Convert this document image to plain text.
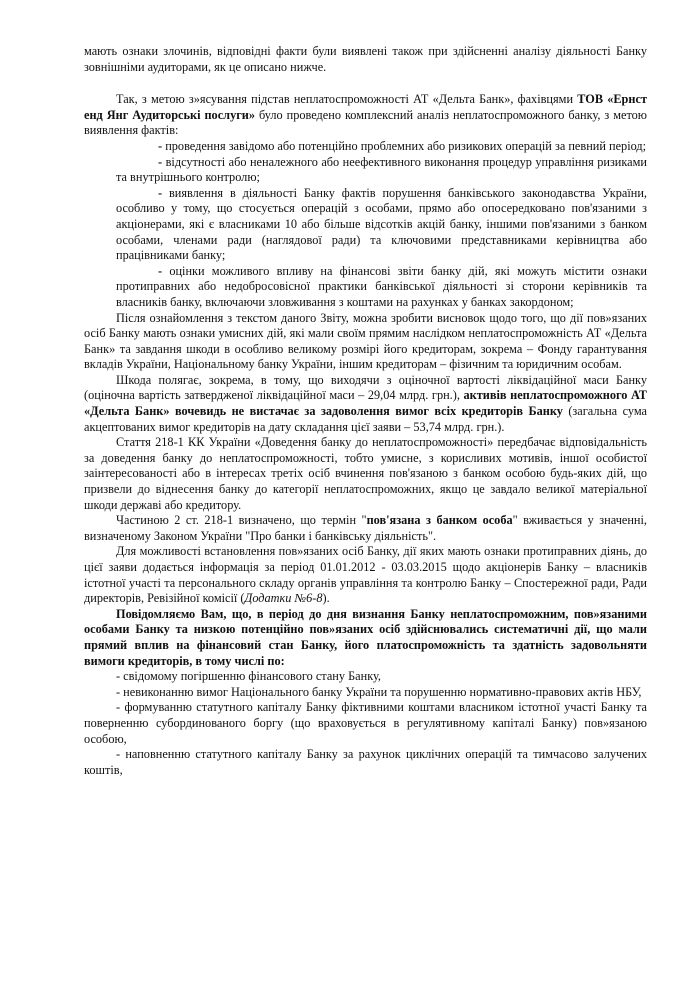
мають ознаки злочинів, відповідні факти були виявлені також при здійсненні аналізу діяльності Банку зовнішніми аудиторами, як це описано нижче.

Так, з метою з»ясування підстав неплатоспроможності АТ «Дельта Банк», фахівцями ТОВ «Ернст енд Янг Аудиторські послуги» було проведено комплексний аналіз неплатоспроможного банку, з метою виявлення фактів:

- проведення завідомо або потенційно проблемних або ризикових операцій за певний період;

- відсутності або неналежного або неефективного виконання процедур управління ризиками та внутрішнього контролю;

- виявлення в діяльності Банку фактів порушення банківського законодавства України, особливо у тому, що стосується операцій з особами, прямо або опосередковано пов'язаними з акціонерами, які є власниками 10 або більше відсотків акцій банку, іншими пов'язаними з банком особами, членами ради (наглядової ради) та ключовими представниками керівництва або працівниками банку;

- оцінки можливого впливу на фінансові звіти банку дій, які можуть містити ознаки протиправних або недобросовісної практики банківської діяльності зі сторони керівників та власників банку, включаючи зловживання з коштами на рахунках у банках закордоном;

Після ознайомлення з текстом даного Звіту, можна зробити висновок щодо того, що дії пов»язаних осіб Банку мають ознаки умисних дій, які мали своїм прямим наслідком неплатоспроможність АТ «Дельта Банк» та завдання шкоди в особливо великому розмірі його кредиторам, зокрема – Фонду гарантування вкладів України, Національному банку України, іншим кредиторам – фізичним та юридичним особам.

Шкода полягає, зокрема, в тому, що виходячи з оціночної вартості ліквідаційної маси Банку (оціночна вартість затвердженої ліквідаційної маси – 29,04 млрд. грн.), активів неплатоспроможного АТ «Дельта Банк» вочевидь не вистачає за задоволення вимог всіх кредиторів Банку (загальна сума акцептованих вимог кредиторів на дату складання цієї заяви – 53,74 млрд. грн.).

Стаття 218-1 КК України «Доведення банку до неплатоспроможності» передбачає відповідальність за доведення банку до неплатоспроможності, тобто умисне, з корисливих мотивів, іншої особистої заінтересованості або в інтересах третіх осіб вчинення пов'язаною з банком особою будь-яких дій, що призвели до віднесення банку до категорії неплатоспроможних, якщо це завдало великої матеріальної шкоди державі або кредитору.

Частиною 2 ст. 218-1 визначено, що термін "пов'язана з банком особа" вживається у значенні, визначеному Законом України "Про банки і банківську діяльність".

Для можливості встановлення пов»язаних осіб Банку, дії яких мають ознаки протиправних діянь, до цієї заяви додається інформація за період 01.01.2012 - 03.03.2015 щодо акціонерів Банку – власників істотної участі та персонального складу органів управління та контролю Банку – Спостережної ради, Ради директорів, Ревізійної комісії (Додатки №6-8).

Повідомляємо Вам, що, в період до дня визнання Банку неплатоспроможним, пов»язаними особами Банку та низкою потенційно пов»язаних осіб здійснювались систематичні дії, що мали прямий вплив на фінансовий стан Банку, його платоспроможність та здатність задовольняти вимоги кредиторів, в тому числі по:

- свідомому погіршенню фінансового стану Банку,

- невиконанню вимог Національного банку України та порушенню нормативно-правових актів НБУ,

- формуванню статутного капіталу Банку фіктивними коштами власником істотної участі Банку та поверненню субординованого боргу (що враховується в регулятивному капіталі Банку) пов»язаною особою,

- наповненню статутного капіталу Банку за рахунок циклічних операцій та тимчасово залучених коштів,
